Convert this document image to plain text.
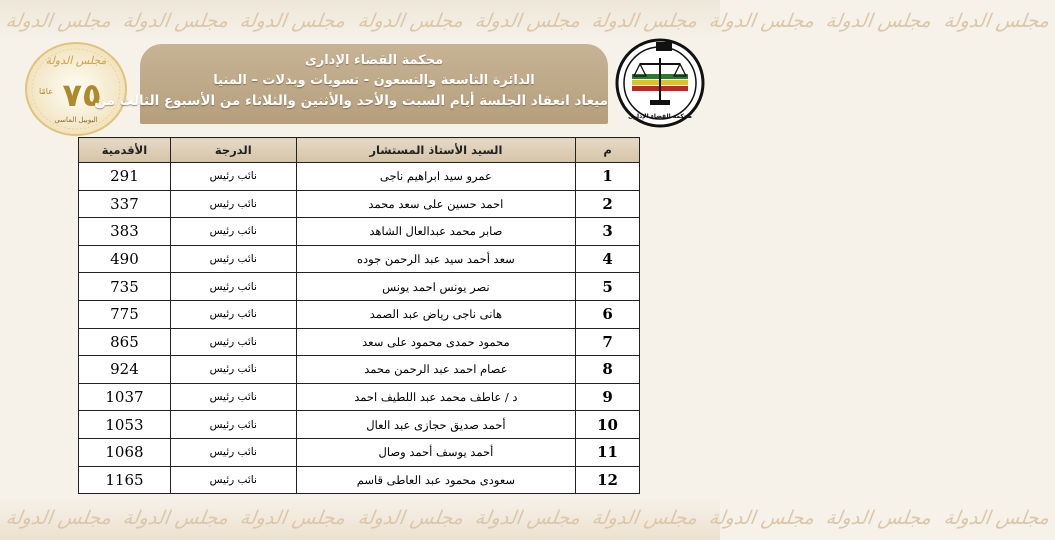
مجلس الدولة مجلس الدولة مجلس الدولة مجلس الدولة مجلس الدولة مجلس الدولة مجلس الدولة مجلس الدولة مجلس الدولة
مجلس الدولة مجلس الدولة مجلس الدولة مجلس الدولة مجلس الدولة مجلس الدولة مجلس الدولة مجلس الدولة مجلس الدولة
مجلس الدولة
٧٥
عامًا
اليوبيل الماسى
محكمة القضاء الإدارى
الدائرة التاسعة والتسعون - تسويات وبدلات – المنيا
ميعاد انعقاد الجلسة أيام السبت والأحد والأثنين والثلاثاء من الأسبوع الثالث من
محكمة القضاء الإدارى
م	السيد الأستاذ المستشار	الدرجة	الأقدمية
1	عمرو سيد ابراهيم ناجى	نائب رئيس	291
2	احمد حسين على سعد محمد	نائب رئيس	337
3	صابر محمد عبدالعال الشاهد	نائب رئيس	383
4	سعد أحمد سيد عبد الرحمن جوده	نائب رئيس	490
5	نصر يونس احمد يونس	نائب رئيس	735
6	هانى ناجى رياض عبد الصمد	نائب رئيس	775
7	محمود حمدى محمود على سعد	نائب رئيس	865
8	عصام احمد عبد الرحمن محمد	نائب رئيس	924
9	د / عاطف محمد عبد اللطيف احمد	نائب رئيس	1037
10	أحمد صديق حجازى عبد العال	نائب رئيس	1053
11	أحمد يوسف أحمد وصال	نائب رئيس	1068
12	سعودى محمود عبد العاطى قاسم	نائب رئيس	1165
